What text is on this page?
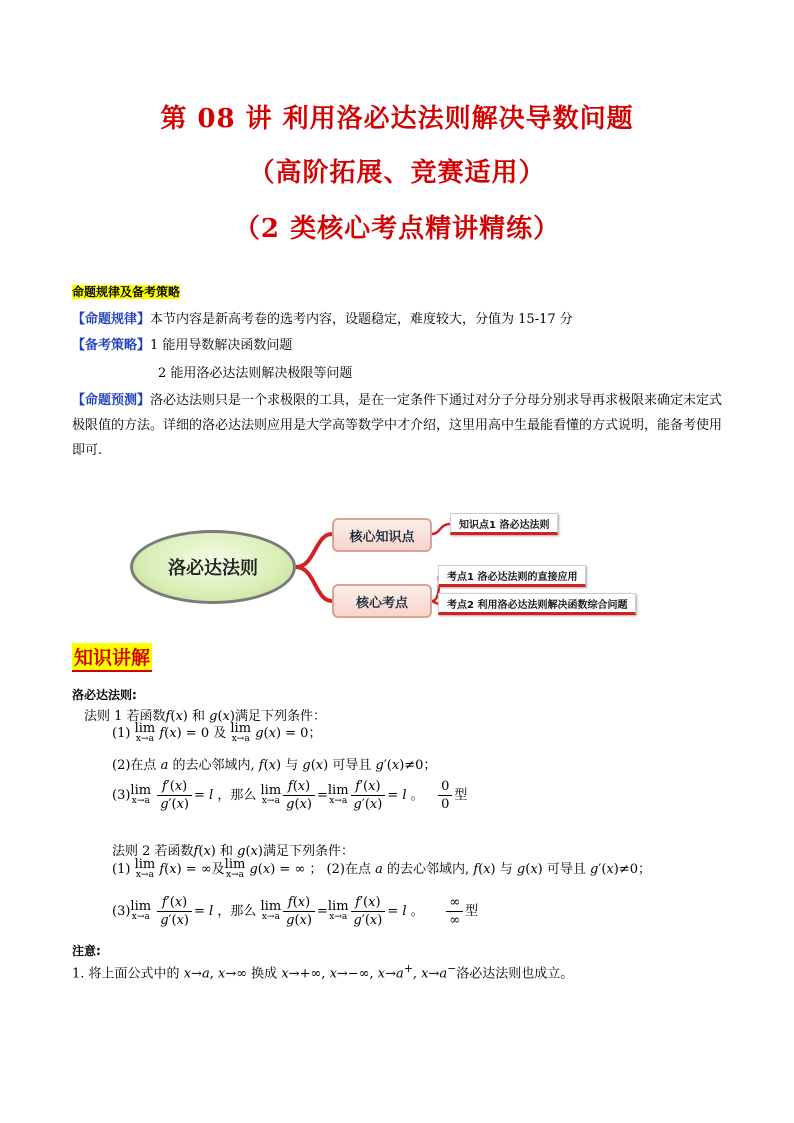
第 08 讲 利用洛必达法则解决导数问题
（高阶拓展、竞赛适用）
（2 类核心考点精讲精练）
命题规律及备考策略
【命题规律】本节内容是新高考卷的选考内容，设题稳定，难度较大，分值为 15-17 分
【备考策略】1 能用导数解决函数问题
2 能用洛必达法则解决极限等问题
【命题预测】洛必达法则只是一个求极限的工具，是在一定条件下通过对分子分母分别求导再求极限来确定未定式极限值的方法。详细的洛必达法则应用是大学高等数学中才介绍，这里用高中生最能看懂的方式说明，能备考使用即可.
洛必达法则
核心知识点
核心考点
知识点1 洛必达法则
考点1 洛必达法则的直接应用
考点2 利用洛必达法则解决函数综合问题
知识讲解
洛必达法则:
法则 1 若函数f(x) 和 g(x)满足下列条件：
(1) lim
x→a f(x) = 0 及 lim
x→a g(x) = 0；
(2)在点 a 的去心邻域内, f(x) 与 g(x) 可导且 g′(x)≠0；
(3)lim
x→a
$\frac{f'(x)}{g'(x)} = l$ ，那么 lim
$x\to a \frac{f(x)}{g(x)} =\lim$
$x\to a \frac{f'(x)}{g'(x)} = l$ 。 $\frac{0}{0}$ 型
法则 2 若函数f(x) 和 g(x)满足下列条件：
(1) lim
x→a f(x) = ∞及lim
x→a g(x) = ∞ ； (2)在点 a 的去心邻域内, f(x) 与 g(x) 可导且 g′(x)≠0；
(3)lim
x→a
$\frac{f'(x)}{g'(x)} = l$ ，那么 lim
$x\to a \frac{f(x)}{g(x)} =\lim$
$x\to a \frac{f'(x)}{g'(x)} = l$ 。 $\frac{\infty}{\infty}$ 型
注意:
1. 将上面公式中的 x→a, x→∞ 换成 x→+∞, x→−∞, x→a+, x→a−洛必达法则也成立。
